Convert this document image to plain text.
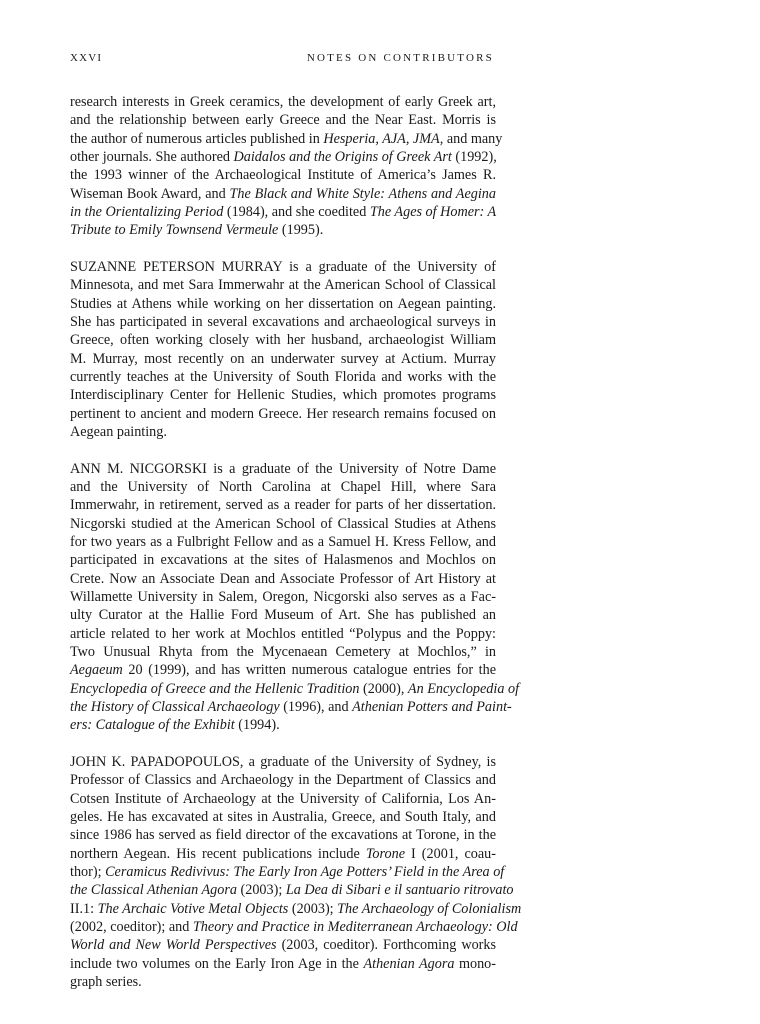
XXVI	NOTES ON CONTRIBUTORS
research interests in Greek ceramics, the development of early Greek art,
and the relationship between early Greece and the Near East. Morris is
the author of numerous articles published in Hesperia, AJA, JMA, and many
other journals. She authored Daidalos and the Origins of Greek Art (1992),
the 1993 winner of the Archaeological Institute of America’s James R.
Wiseman Book Award, and The Black and White Style: Athens and Aegina
in the Orientalizing Period (1984), and she coedited The Ages of Homer: A
Tribute to Emily Townsend Vermeule (1995).
SUZANNE PETERSON MURRAY is a graduate of the University of
Minnesota, and met Sara Immerwahr at the American School of Classical
Studies at Athens while working on her dissertation on Aegean painting.
She has participated in several excavations and archaeological surveys in
Greece, often working closely with her husband, archaeologist William
M. Murray, most recently on an underwater survey at Actium. Murray
currently teaches at the University of South Florida and works with the
Interdisciplinary Center for Hellenic Studies, which promotes programs
pertinent to ancient and modern Greece. Her research remains focused on
Aegean painting.
ANN M. NICGORSKI is a graduate of the University of Notre Dame
and the University of North Carolina at Chapel Hill, where Sara
Immerwahr, in retirement, served as a reader for parts of her dissertation.
Nicgorski studied at the American School of Classical Studies at Athens
for two years as a Fulbright Fellow and as a Samuel H. Kress Fellow, and
participated in excavations at the sites of Halasmenos and Mochlos on
Crete. Now an Associate Dean and Associate Professor of Art History at
Willamette University in Salem, Oregon, Nicgorski also serves as a Fac-
ulty Curator at the Hallie Ford Museum of Art. She has published an
article related to her work at Mochlos entitled “Polypus and the Poppy:
Two Unusual Rhyta from the Mycenaean Cemetery at Mochlos,” in
Aegaeum 20 (1999), and has written numerous catalogue entries for the
Encyclopedia of Greece and the Hellenic Tradition (2000), An Encyclopedia of
the History of Classical Archaeology (1996), and Athenian Potters and Paint-
ers: Catalogue of the Exhibit (1994).
JOHN K. PAPADOPOULOS, a graduate of the University of Sydney, is
Professor of Classics and Archaeology in the Department of Classics and
Cotsen Institute of Archaeology at the University of California, Los An-
geles. He has excavated at sites in Australia, Greece, and South Italy, and
since 1986 has served as field director of the excavations at Torone, in the
northern Aegean. His recent publications include Torone I (2001, coau-
thor); Ceramicus Redivivus: The Early Iron Age Potters’ Field in the Area of
the Classical Athenian Agora (2003); La Dea di Sibari e il santuario ritrovato
II.1: The Archaic Votive Metal Objects (2003); The Archaeology of Colonialism
(2002, coeditor); and Theory and Practice in Mediterranean Archaeology: Old
World and New World Perspectives (2003, coeditor). Forthcoming works
include two volumes on the Early Iron Age in the Athenian Agora mono-
graph series.
